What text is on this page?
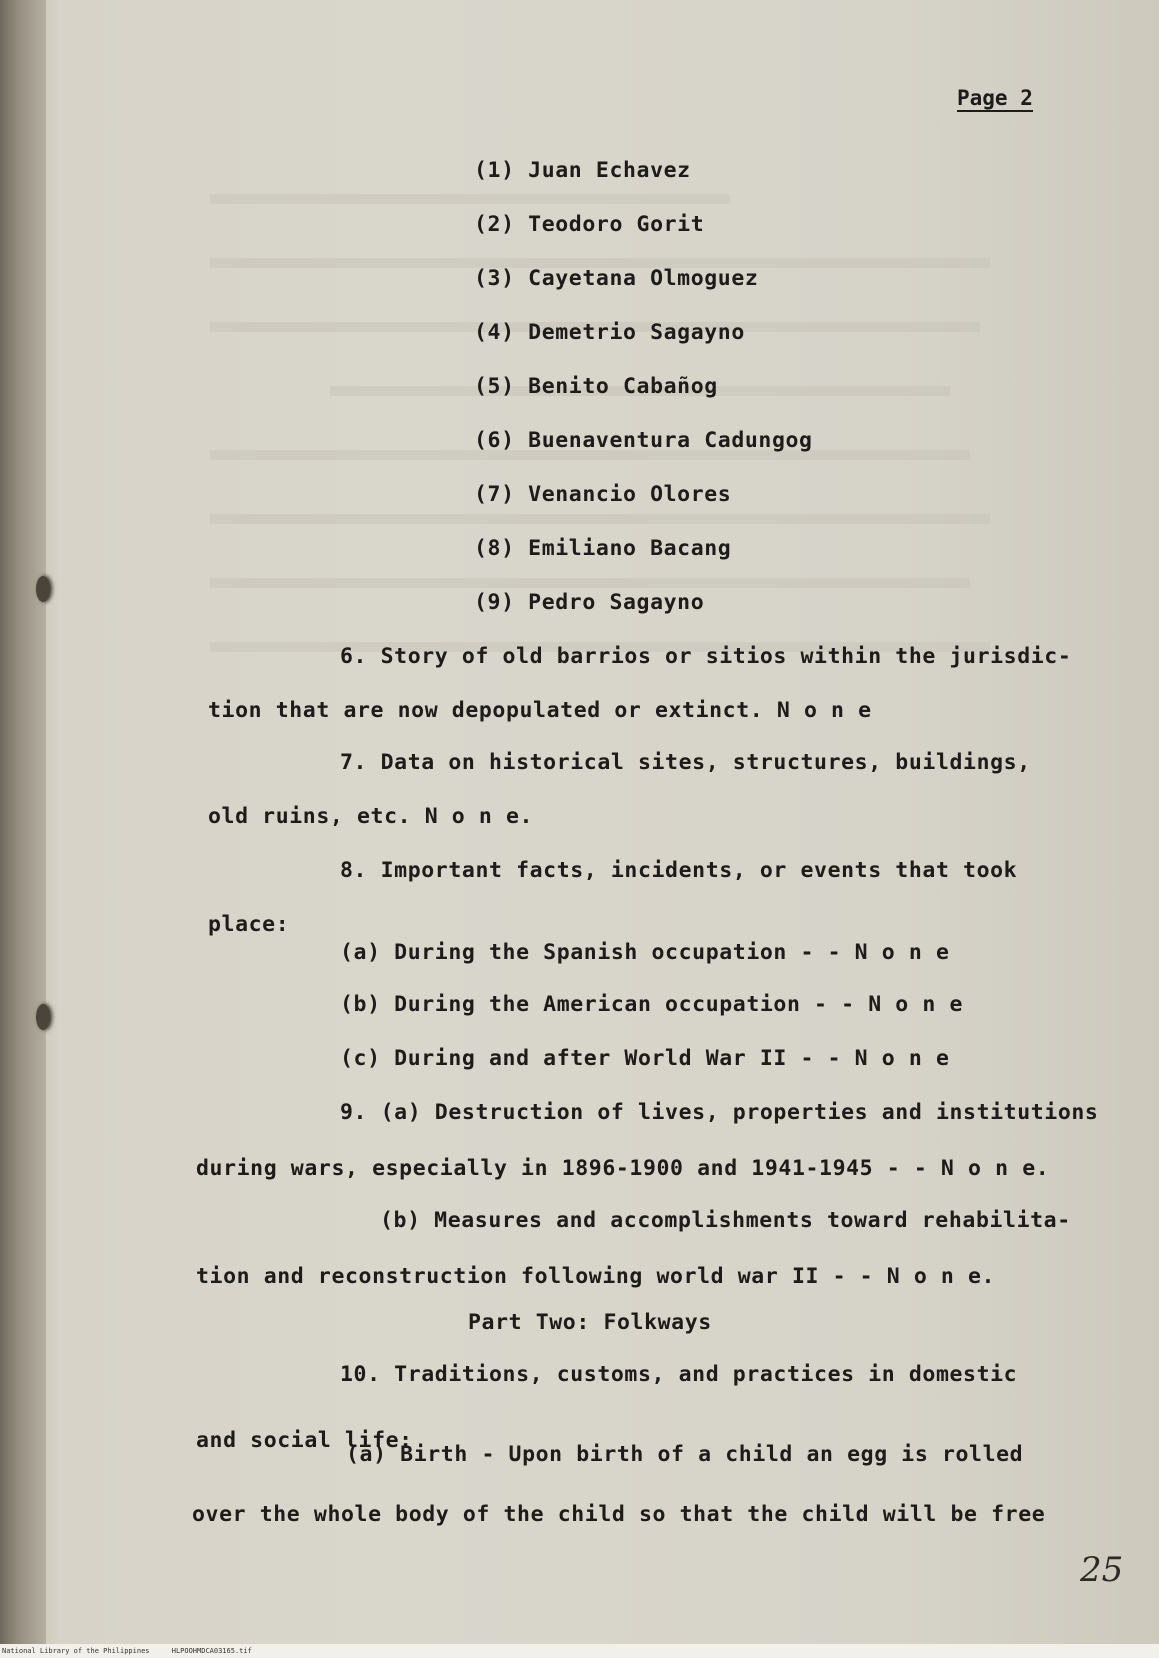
Page 2
(1) Juan Echavez
(2) Teodoro Gorit
(3) Cayetana Olmoguez
(4) Demetrio Sagayno
(5) Benito Cabañog
(6) Buenaventura Cadungog
(7) Venancio Olores
(8) Emiliano Bacang
(9) Pedro Sagayno
6. Story of old barrios or sitios within the jurisdic-
tion that are now depopulated or extinct. N o n e
7. Data on historical sites, structures, buildings,
old ruins, etc. N o n e.
8. Important facts, incidents, or events that took
place:
(a) During the Spanish occupation - - N o n e
(b) During the American occupation - - N o n e
(c) During and after World War II - - N o n e
9. (a) Destruction of lives, properties and institutions
during wars, especially in 1896-1900 and 1941-1945 - - N o n e.
(b) Measures and accomplishments toward rehabilita-
tion and reconstruction following world war II - - N o n e.
Part Two: Folkways
10. Traditions, customs, and practices in domestic
and social life:
(a) Birth - Upon birth of a child an egg is rolled
over the whole body of the child so that the child will be free
25
National Library of the Philippines	HLPOOHMDCA03165.tif
